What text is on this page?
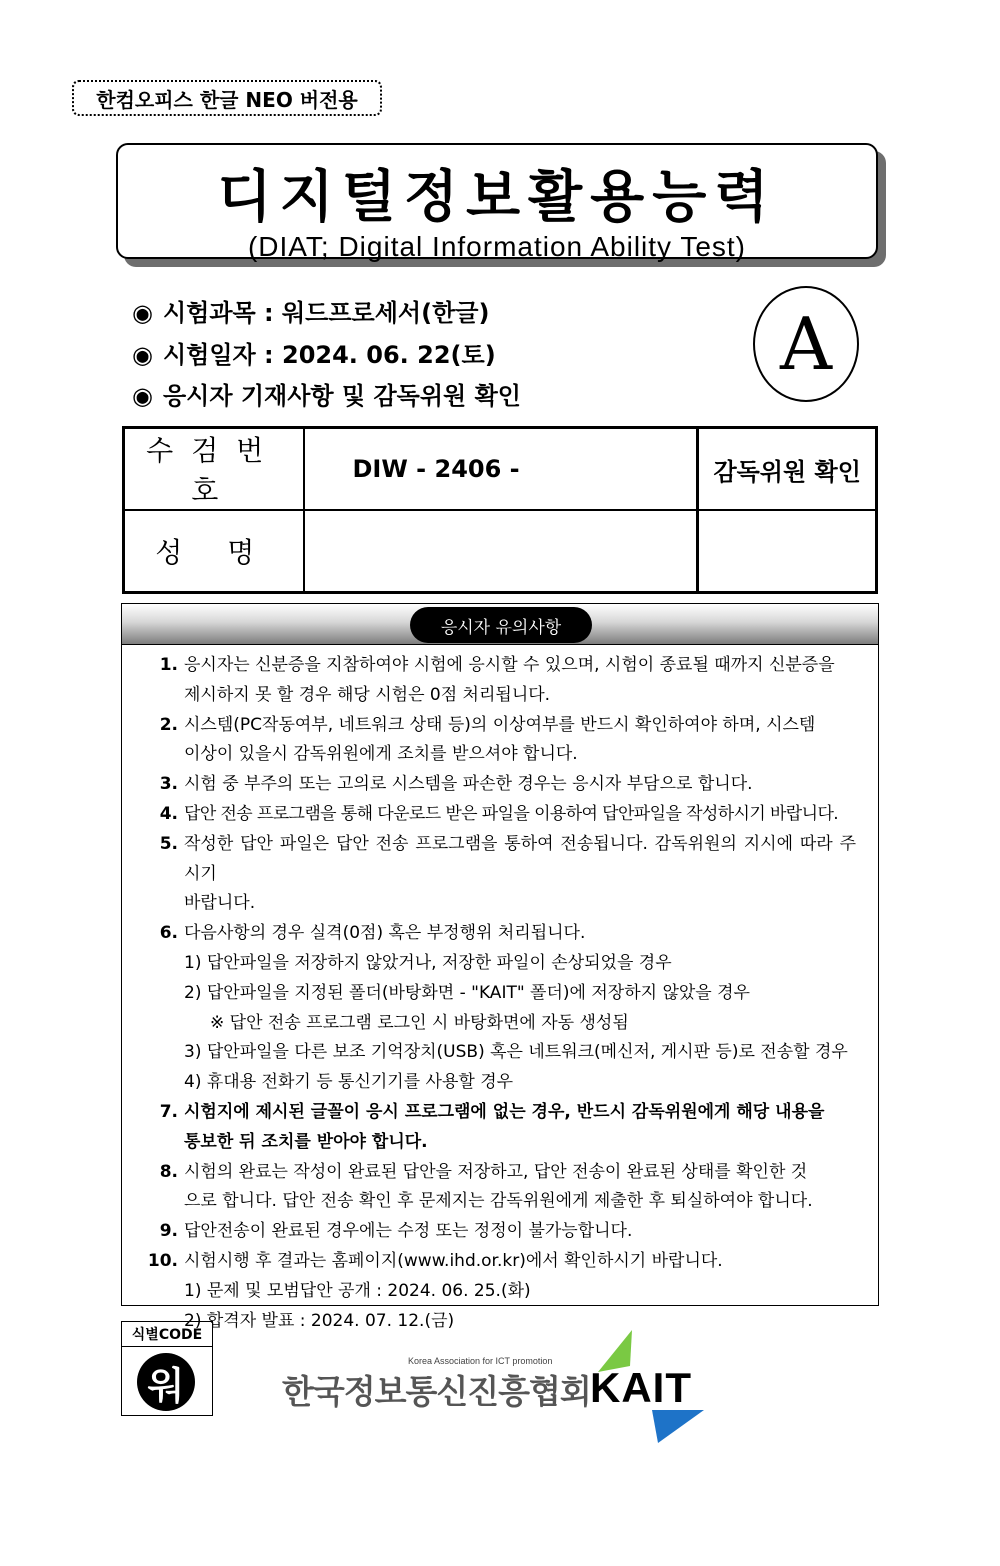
한컴오피스 한글 NEO 버전용
디지털정보활용능력
(DIAT; Digital Information Ability Test)
◉ 시험과목 : 워드프로세서(한글)
◉ 시험일자 : 2024. 06. 22(토)
◉ 응시자 기재사항 및 감독위원 확인
A
수검번호	DIW - 2406 -	감독위원 확인
성 명		
응시자 유의사항
1. 응시자는 신분증을 지참하여야 시험에 응시할 수 있으며, 시험이 종료될 때까지 신분증을
제시하지 못 할 경우 해당 시험은 0점 처리됩니다.
2. 시스템(PC작동여부, 네트워크 상태 등)의 이상여부를 반드시 확인하여야 하며, 시스템
이상이 있을시 감독위원에게 조치를 받으셔야 합니다.
3. 시험 중 부주의 또는 고의로 시스템을 파손한 경우는 응시자 부담으로 합니다.
4. 답안 전송 프로그램을 통해 다운로드 받은 파일을 이용하여 답안파일을 작성하시기 바랍니다.
5. 작성한 답안 파일은 답안 전송 프로그램을 통하여 전송됩니다. 감독위원의 지시에 따라 주시기
바랍니다.
6. 다음사항의 경우 실격(0점) 혹은 부정행위 처리됩니다.
1) 답안파일을 저장하지 않았거나, 저장한 파일이 손상되었을 경우
2) 답안파일을 지정된 폴더(바탕화면 - "KAIT" 폴더)에 저장하지 않았을 경우
※ 답안 전송 프로그램 로그인 시 바탕화면에 자동 생성됨
3) 답안파일을 다른 보조 기억장치(USB) 혹은 네트워크(메신저, 게시판 등)로 전송할 경우
4) 휴대용 전화기 등 통신기기를 사용할 경우
7. 시험지에 제시된 글꼴이 응시 프로그램에 없는 경우, 반드시 감독위원에게 해당 내용을
통보한 뒤 조치를 받아야 합니다.
8. 시험의 완료는 작성이 완료된 답안을 저장하고, 답안 전송이 완료된 상태를 확인한 것
으로 합니다. 답안 전송 확인 후 문제지는 감독위원에게 제출한 후 퇴실하여야 합니다.
9. 답안전송이 완료된 경우에는 수정 또는 정정이 불가능합니다.
10. 시험시행 후 결과는 홈페이지(www.ihd.or.kr)에서 확인하시기 바랍니다.
1) 문제 및 모범답안 공개 : 2024. 06. 25.(화)
2) 합격자 발표 : 2024. 07. 12.(금)
식별CODE
워
Korea Association for ICT promotion
한국정보통신진흥협회 KAIT
